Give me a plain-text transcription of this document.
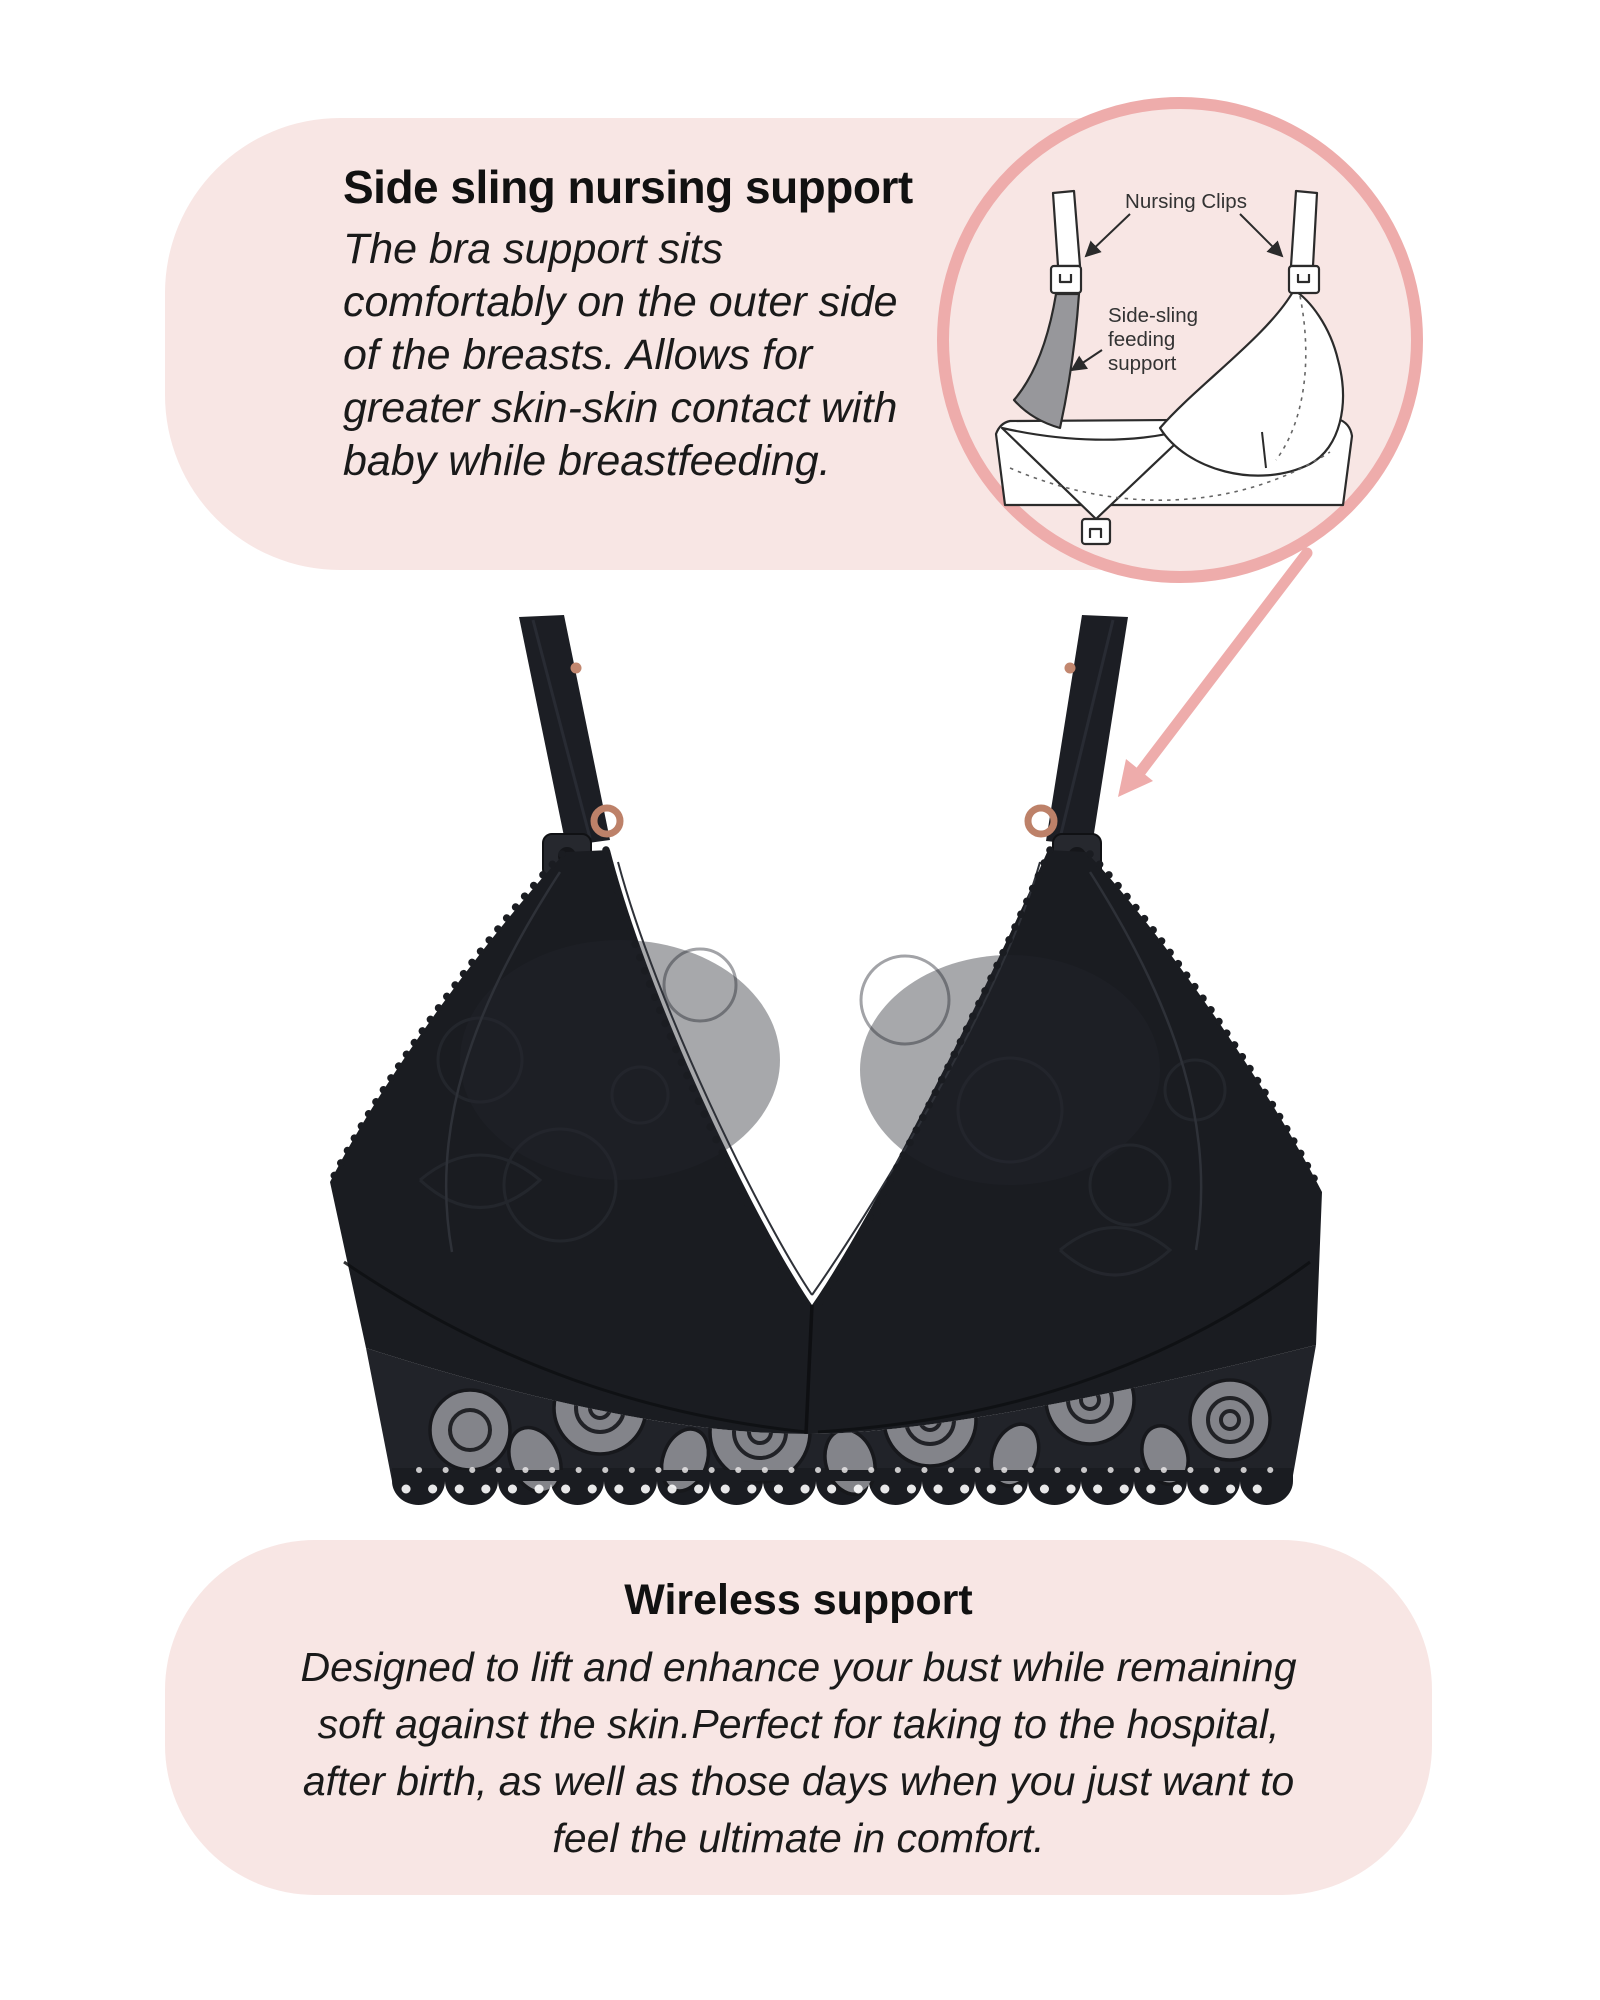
Side sling nursing support
The bra support sits
comfortably on the outer side
of the breasts. Allows for
greater skin-skin contact with
baby while breastfeeding.
Wireless support
Designed to lift and enhance your bust while remaining
soft against the skin.Perfect for taking to the hospital,
after birth, as well as those days when you just want to
feel the ultimate in comfort.
Nursing Clips
Side-sling
feeding
support
